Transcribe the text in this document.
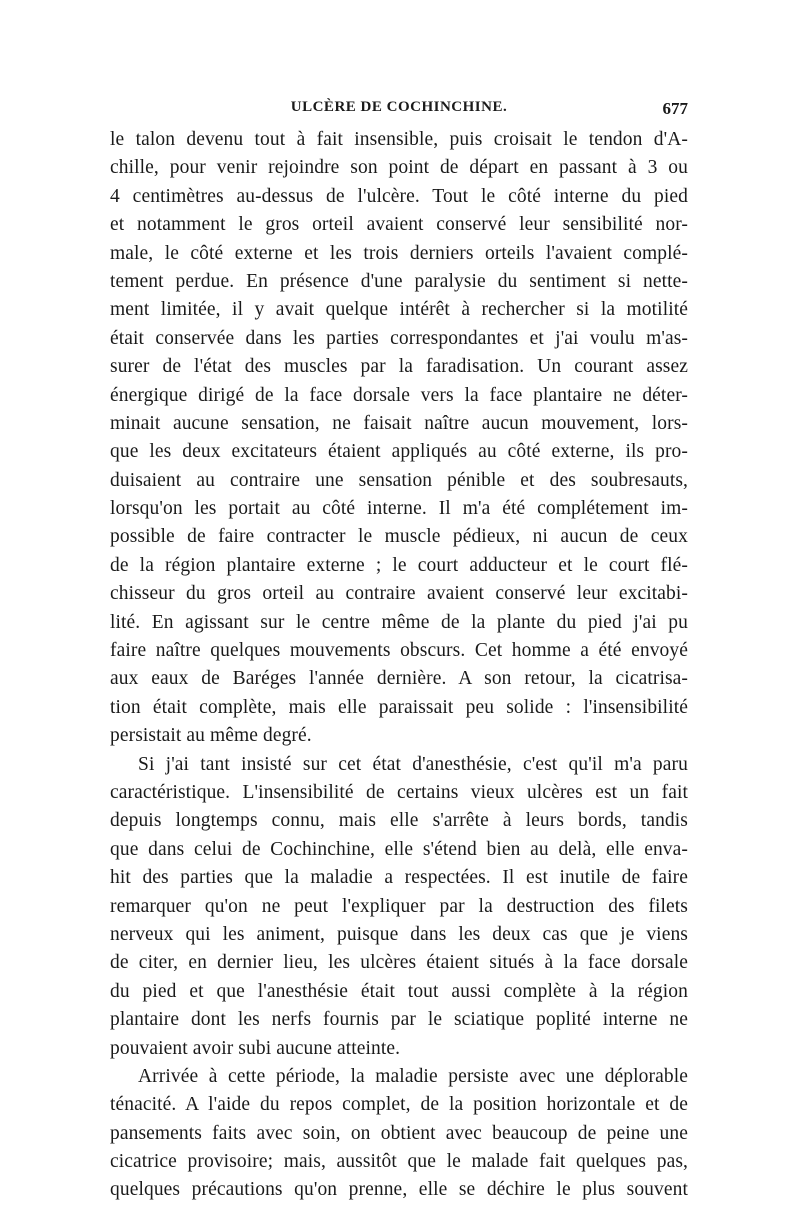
ULCÈRE DE COCHINCHINE.	677
le talon devenu tout à fait insensible, puis croisait le tendon d'A-
chille, pour venir rejoindre son point de départ en passant à 3 ou
4 centimètres au-dessus de l'ulcère. Tout le côté interne du pied
et notamment le gros orteil avaient conservé leur sensibilité nor-
male, le côté externe et les trois derniers orteils l'avaient complé-
tement perdue. En présence d'une paralysie du sentiment si nette-
ment limitée, il y avait quelque intérêt à rechercher si la motilité
était conservée dans les parties correspondantes et j'ai voulu m'as-
surer de l'état des muscles par la faradisation. Un courant assez
énergique dirigé de la face dorsale vers la face plantaire ne déter-
minait aucune sensation, ne faisait naître aucun mouvement, lors-
que les deux excitateurs étaient appliqués au côté externe, ils pro-
duisaient au contraire une sensation pénible et des soubresauts,
lorsqu'on les portait au côté interne. Il m'a été complétement im-
possible de faire contracter le muscle pédieux, ni aucun de ceux
de la région plantaire externe ; le court adducteur et le court flé-
chisseur du gros orteil au contraire avaient conservé leur excitabi-
lité. En agissant sur le centre même de la plante du pied j'ai pu
faire naître quelques mouvements obscurs. Cet homme a été envoyé
aux eaux de Baréges l'année dernière. A son retour, la cicatrisa-
tion était complète, mais elle paraissait peu solide : l'insensibilité
persistait au même degré.
Si j'ai tant insisté sur cet état d'anesthésie, c'est qu'il m'a paru
caractéristique. L'insensibilité de certains vieux ulcères est un fait
depuis longtemps connu, mais elle s'arrête à leurs bords, tandis
que dans celui de Cochinchine, elle s'étend bien au delà, elle enva-
hit des parties que la maladie a respectées. Il est inutile de faire
remarquer qu'on ne peut l'expliquer par la destruction des filets
nerveux qui les animent, puisque dans les deux cas que je viens
de citer, en dernier lieu, les ulcères étaient situés à la face dorsale
du pied et que l'anesthésie était tout aussi complète à la région
plantaire dont les nerfs fournis par le sciatique poplité interne ne
pouvaient avoir subi aucune atteinte.
Arrivée à cette période, la maladie persiste avec une déplorable
ténacité. A l'aide du repos complet, de la position horizontale et de
pansements faits avec soin, on obtient avec beaucoup de peine une
cicatrice provisoire; mais, aussitôt que le malade fait quelques pas,
quelques précautions qu'on prenne, elle se déchire le plus souvent
